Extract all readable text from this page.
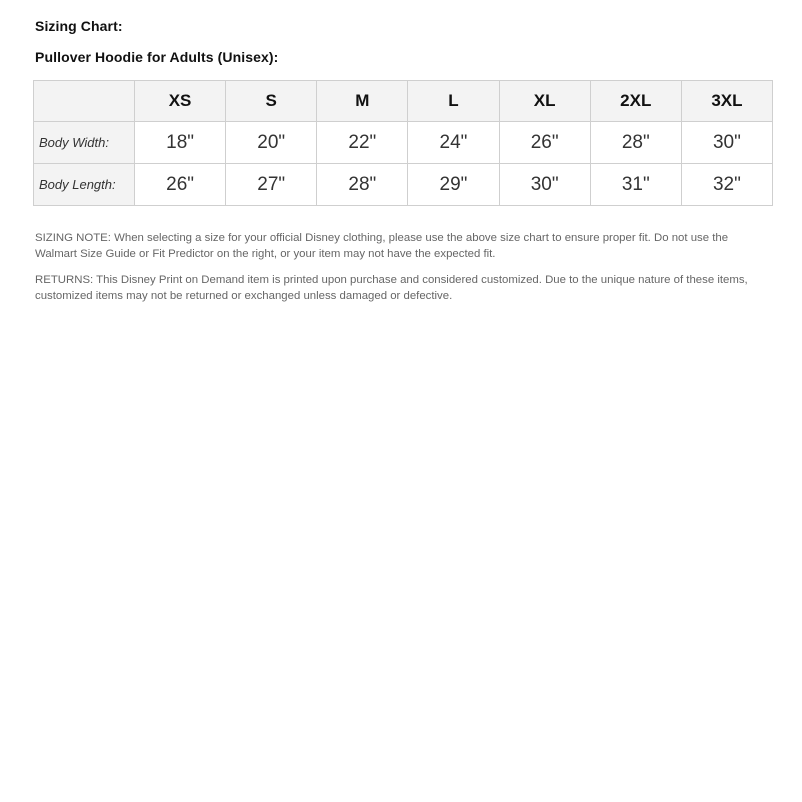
Sizing Chart:
Pullover Hoodie for Adults (Unisex):
	XS	S	M	L	XL	2XL	3XL
Body Width:	18"	20"	22"	24"	26"	28"	30"
Body Length:	26"	27"	28"	29"	30"	31"	32"
SIZING NOTE: When selecting a size for your official Disney clothing, please use the above size chart to ensure proper fit. Do not use the Walmart Size Guide or Fit Predictor on the right, or your item may not have the expected fit.
RETURNS: This Disney Print on Demand item is printed upon purchase and considered customized. Due to the unique nature of these items, customized items may not be returned or exchanged unless damaged or defective.
